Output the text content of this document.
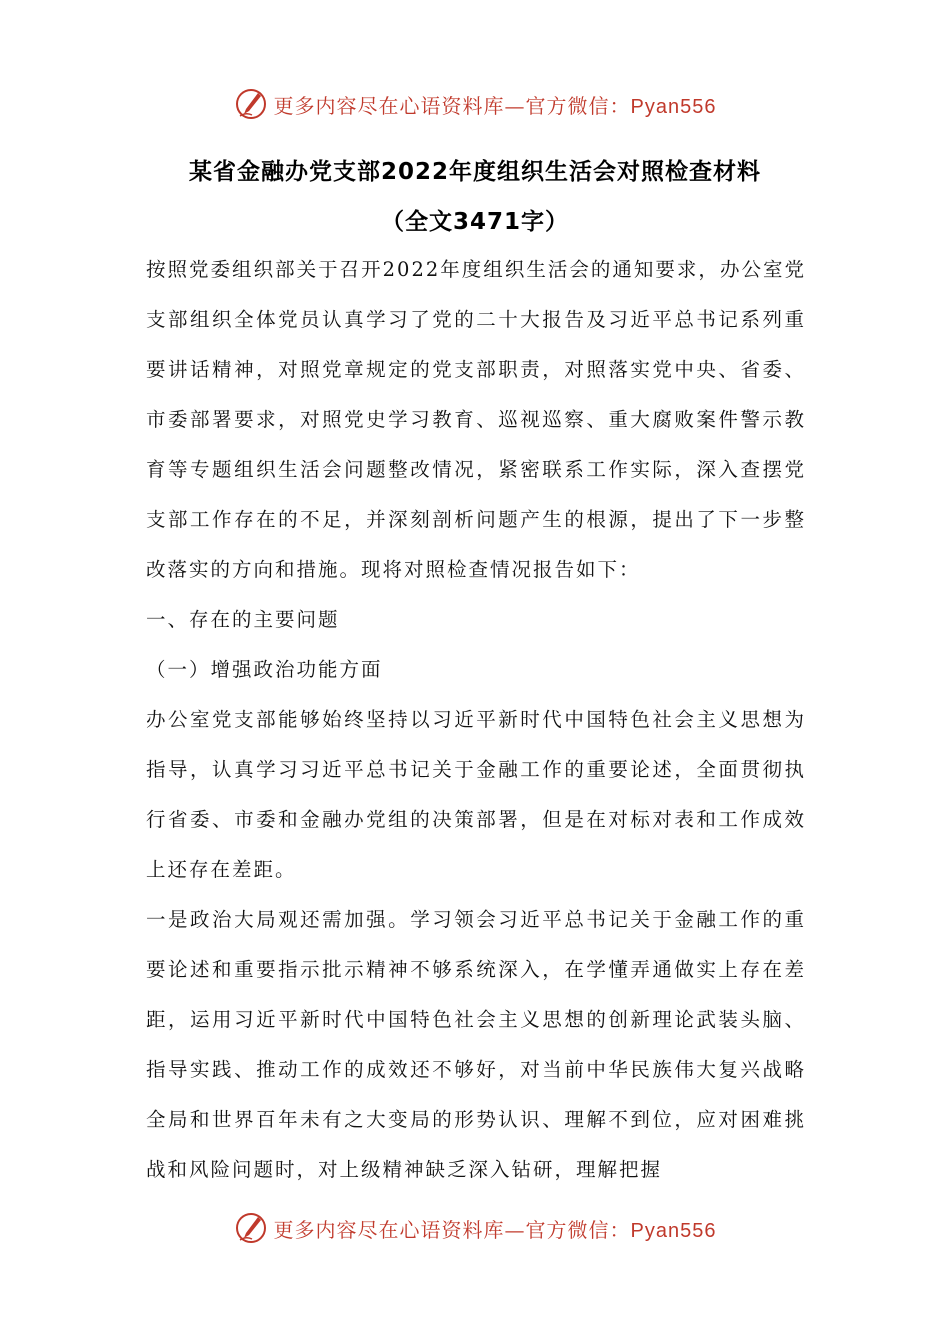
更多内容尽在心语资料库—官方微信：Pyan556
某省金融办党支部2022年度组织生活会对照检查材料
（全文3471字）

按照党委组织部关于召开2022年度组织生活会的通知要求，办公室党支部组织全体党员认真学习了党的二十大报告及习近平总书记系列重要讲话精神，对照党章规定的党支部职责，对照落实党中央、省委、市委部署要求，对照党史学习教育、巡视巡察、重大腐败案件警示教育等专题组织生活会问题整改情况，紧密联系工作实际，深入查摆党支部工作存在的不足，并深刻剖析问题产生的根源，提出了下一步整改落实的方向和措施。现将对照检查情况报告如下：

一、存在的主要问题

（一）增强政治功能方面

办公室党支部能够始终坚持以习近平新时代中国特色社会主义思想为指导，认真学习习近平总书记关于金融工作的重要论述，全面贯彻执行省委、市委和金融办党组的决策部署，但是在对标对表和工作成效上还存在差距。

一是政治大局观还需加强。学习领会习近平总书记关于金融工作的重要论述和重要指示批示精神不够系统深入，在学懂弄通做实上存在差距，运用习近平新时代中国特色社会主义思想的创新理论武装头脑、指导实践、推动工作的成效还不够好，对当前中华民族伟大复兴战略全局和世界百年未有之大变局的形势认识、理解不到位，应对困难挑战和风险问题时，对上级精神缺乏深入钻研，理解把握

更多内容尽在心语资料库—官方微信：Pyan556
